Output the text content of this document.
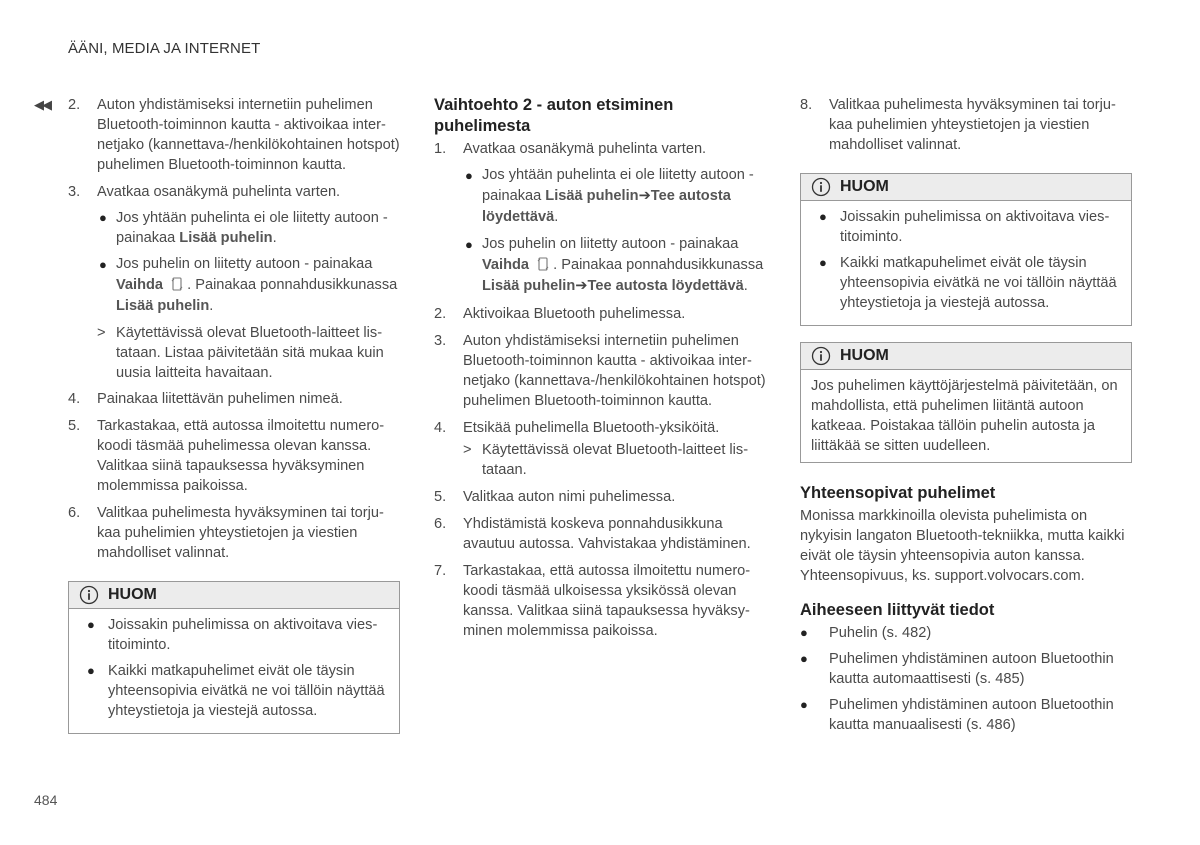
ÄÄNI, MEDIA JA INTERNET
◀◀ 2. Auton yhdistämiseksi internetiin puhelimen Bluetooth-toiminnon kautta - aktivoikaa internetjako (kannettava-/henkilökohtainen hotspot) puhelimen Bluetooth-toiminnon kautta.
3. Avatkaa osanäkymä puhelinta varten.
● Jos yhtään puhelinta ei ole liitetty autoon - painakaa Lisää puhelin.
● Jos puhelin on liitetty autoon - painakaa Vaihda . Painakaa ponnahdusikkunassa Lisää puhelin.
> Käytettävissä olevat Bluetooth-laitteet listataan. Listaa päivitetään sitä mukaa kuin uusia laitteita havaitaan.
4. Painakaa liitettävän puhelimen nimeä.
5. Tarkastakaa, että autossa ilmoitettu numerokoodi täsmää puhelimessa olevan kanssa. Valitkaa siinä tapauksessa hyväksyminen molemmissa paikoissa.
6. Valitkaa puhelimesta hyväksyminen tai torjukaa puhelimien yhteystietojen ja viestien mahdolliset valinnat.
HUOM
● Joissakin puhelimissa on aktivoitava viestitoiminto.
● Kaikki matkapuhelimet eivät ole täysin yhteensopivia eivätkä ne voi tällöin näyttää yhteystietoja ja viestejä autossa.
Vaihtoehto 2 - auton etsiminen puhelimesta
1. Avatkaa osanäkymä puhelinta varten.
● Jos yhtään puhelinta ei ole liitetty autoon - painakaa Lisää puhelin➔Tee autosta löydettävä.
● Jos puhelin on liitetty autoon - painakaa Vaihda . Painakaa ponnahdusikkunassa Lisää puhelin➔Tee autosta löydettävä.
2. Aktivoikaa Bluetooth puhelimessa.
3. Auton yhdistämiseksi internetiin puhelimen Bluetooth-toiminnon kautta - aktivoikaa internetjako (kannettava-/henkilökohtainen hotspot) puhelimen Bluetooth-toiminnon kautta.
4. Etsikää puhelimella Bluetooth-yksiköitä.
> Käytettävissä olevat Bluetooth-laitteet listataan.
5. Valitkaa auton nimi puhelimessa.
6. Yhdistämistä koskeva ponnahdusikkuna avautuu autossa. Vahvistakaa yhdistäminen.
7. Tarkastakaa, että autossa ilmoitettu numerokoodi täsmää ulkoisessa yksikössä olevan kanssa. Valitkaa siinä tapauksessa hyväksyminen molemmissa paikoissa.
8. Valitkaa puhelimesta hyväksyminen tai torjukaa puhelimien yhteystietojen ja viestien mahdolliset valinnat.
HUOM
● Joissakin puhelimissa on aktivoitava viestitoiminto.
● Kaikki matkapuhelimet eivät ole täysin yhteensopivia eivätkä ne voi tällöin näyttää yhteystietoja ja viestejä autossa.
HUOM

Jos puhelimen käyttöjärjestelmä päivitetään, on mahdollista, että puhelimen liitäntä autoon katkeaa. Poistakaa tällöin puhelin autosta ja liittäkää se sitten uudelleen.

Yhteensopivat puhelimet

Monissa markkinoilla olevista puhelimista on nykyisin langaton Bluetooth-tekniikka, mutta kaikki eivät ole täysin yhteensopivia auton kanssa. Yhteensopivuus, ks. support.volvocars.com.

Aiheeseen liittyvät tiedot
● Puhelin (s. 482)
● Puhelimen yhdistäminen autoon Bluetoothin kautta automaattisesti (s. 485)
● Puhelimen yhdistäminen autoon Bluetoothin kautta manuaalisesti (s. 486)
484
